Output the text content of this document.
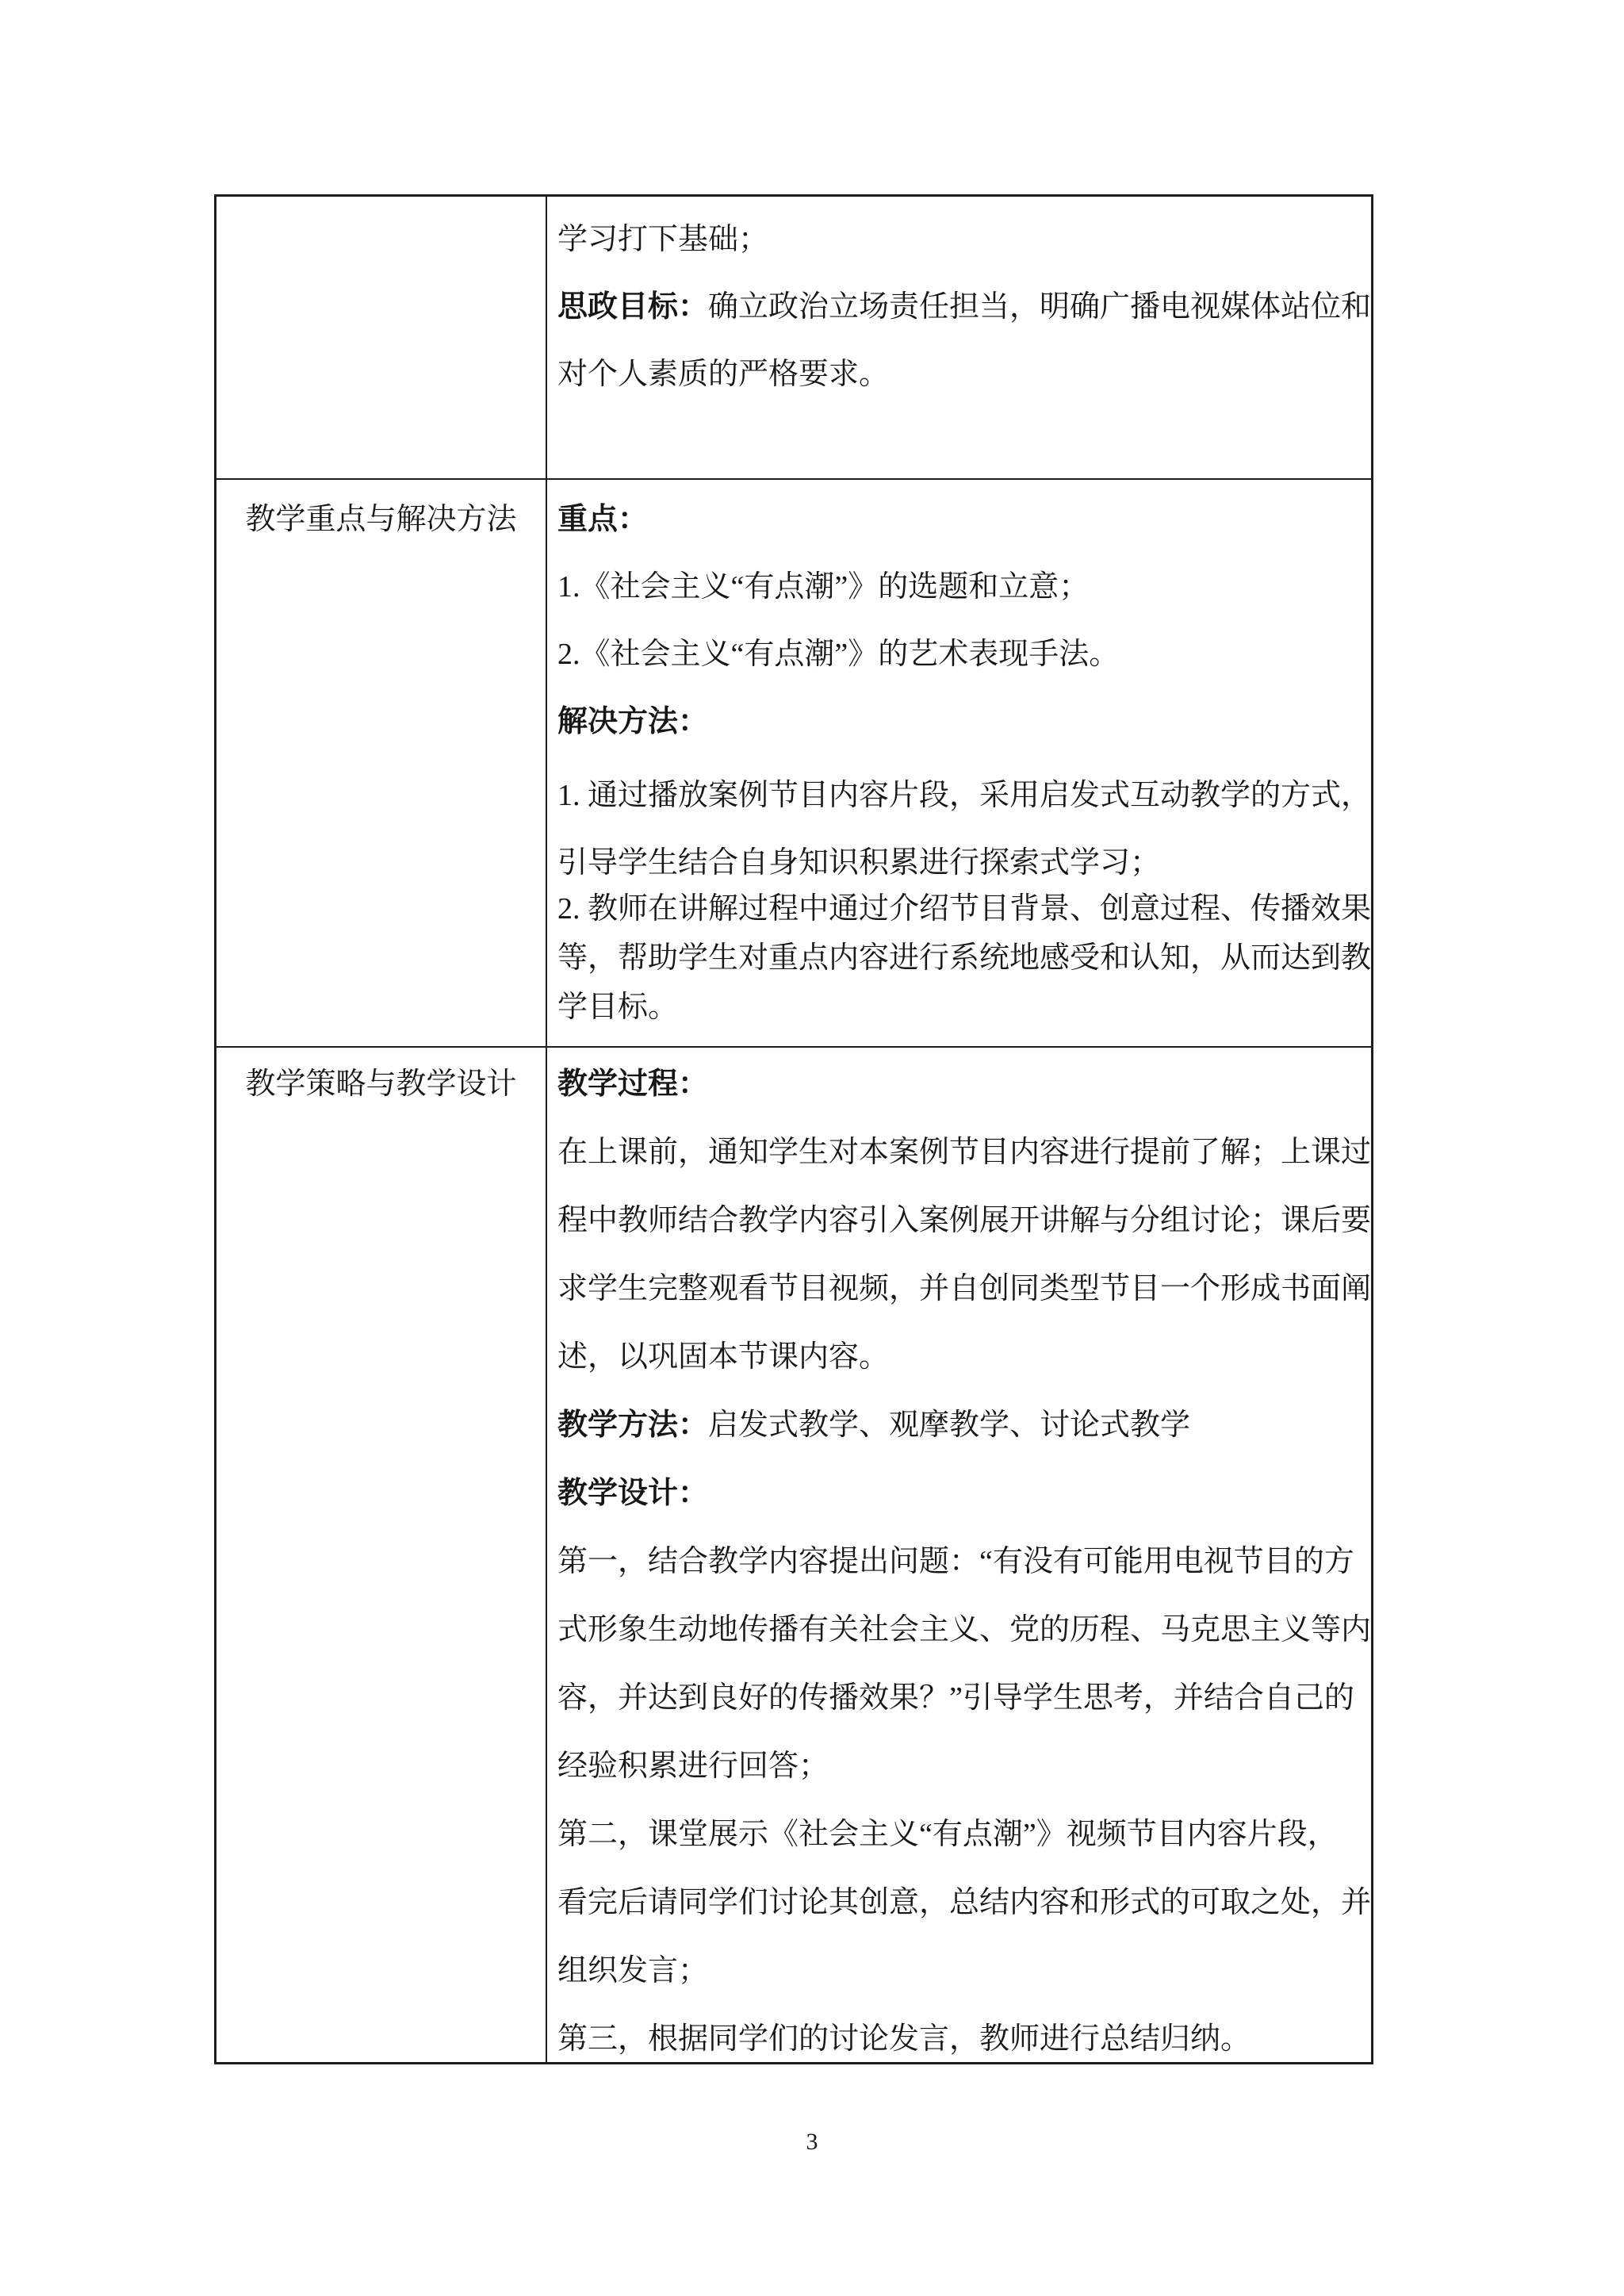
学习打下基础；
思政目标：确立政治立场责任担当，明确广播电视媒体站位和
对个人素质的严格要求。
教学重点与解决方法	重点：
1.《社会主义“有点潮”》的选题和立意；
2.《社会主义“有点潮”》的艺术表现手法。
解决方法：
1. 通过播放案例节目内容片段，采用启发式互动教学的方式，
引导学生结合自身知识积累进行探索式学习；
2. 教师在讲解过程中通过介绍节目背景、创意过程、传播效果
等，帮助学生对重点内容进行系统地感受和认知，从而达到教
学目标。
教学策略与教学设计	教学过程：
在上课前，通知学生对本案例节目内容进行提前了解；上课过
程中教师结合教学内容引入案例展开讲解与分组讨论；课后要
求学生完整观看节目视频，并自创同类型节目一个形成书面阐
述，以巩固本节课内容。
教学方法：启发式教学、观摩教学、讨论式教学
教学设计：
第一，结合教学内容提出问题：“有没有可能用电视节目的方
式形象生动地传播有关社会主义、党的历程、马克思主义等内
容，并达到良好的传播效果？”引导学生思考，并结合自己的
经验积累进行回答；
第二，课堂展示《社会主义“有点潮”》视频节目内容片段，
看完后请同学们讨论其创意，总结内容和形式的可取之处，并
组织发言；
第三，根据同学们的讨论发言，教师进行总结归纳。
3
